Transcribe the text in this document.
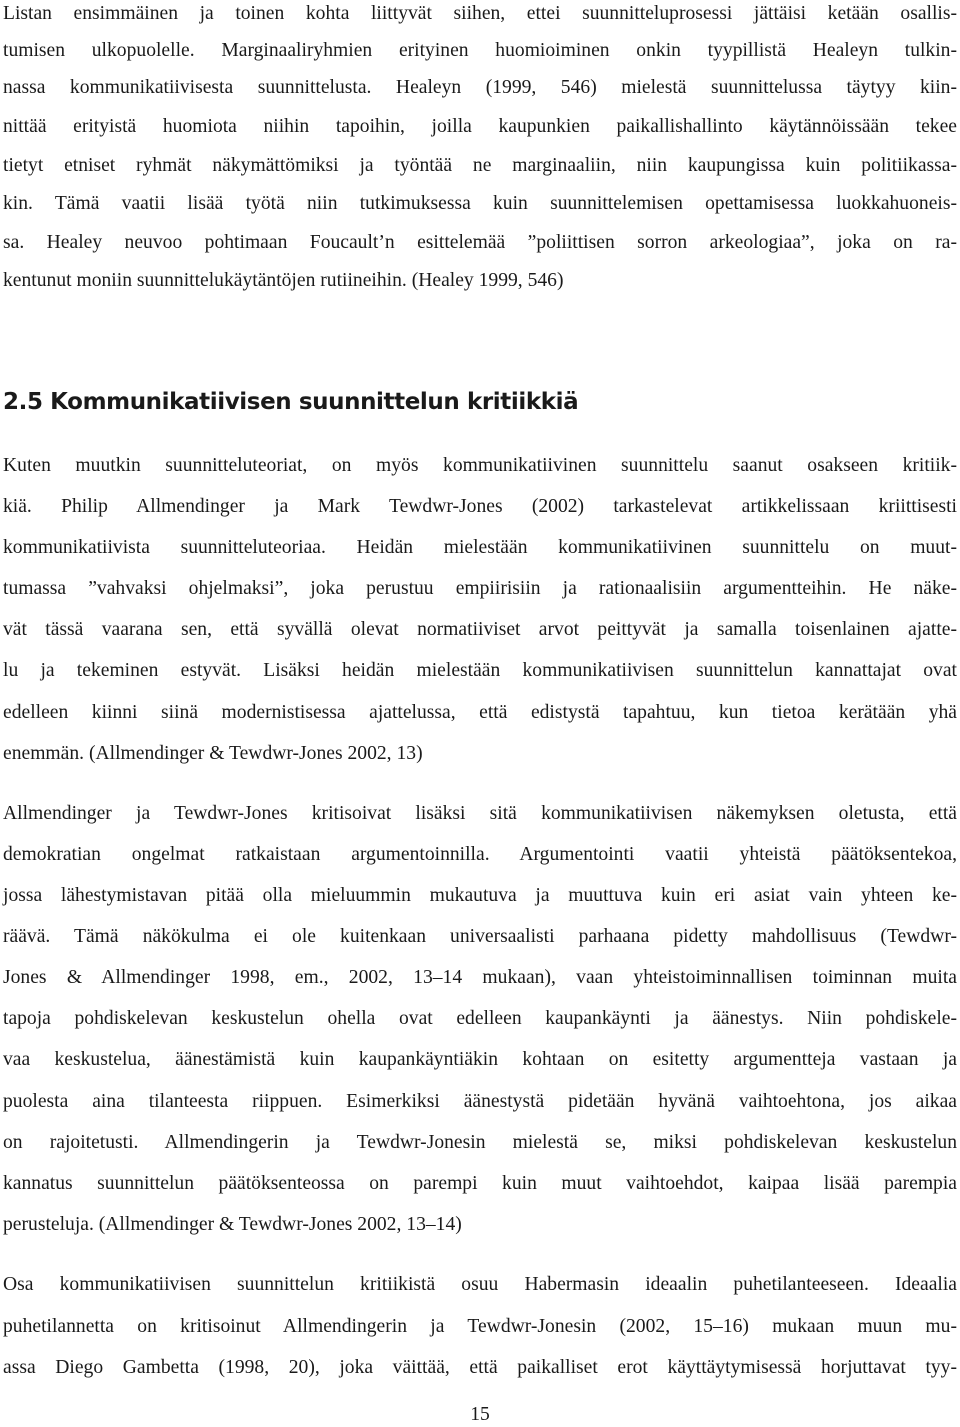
Listan ensimmäinen ja toinen kohta liittyvät siihen, ettei suunnitteluprosessi jättäisi ketään osallis-
tumisen ulkopuolelle. Marginaaliryhmien erityinen huomioiminen onkin tyypillistä Healeyn tulkin-
nassa kommunikatiivisesta suunnittelusta. Healeyn (1999, 546) mielestä suunnittelussa täytyy kiin-
nittää erityistä huomiota niihin tapoihin, joilla kaupunkien paikallishallinto käytännöissään tekee
tietyt etniset ryhmät näkymättömiksi ja työntää ne marginaaliin, niin kaupungissa kuin politiikassa-
kin. Tämä vaatii lisää työtä niin tutkimuksessa kuin suunnittelemisen opettamisessa luokkahuoneis-
sa. Healey neuvoo pohtimaan Foucault’n esittelemää ”poliittisen sorron arkeologiaa”, joka on ra-
kentunut moniin suunnittelukäytäntöjen rutiineihin. (Healey 1999, 546)
2.5 Kommunikatiivisen suunnittelun kritiikkiä
Kuten muutkin suunnitteluteoriat, on myös kommunikatiivinen suunnittelu saanut osakseen kritiik-
kiä. Philip Allmendinger ja Mark Tewdwr-Jones (2002) tarkastelevat artikkelissaan kriittisesti
kommunikatiivista suunnitteluteoriaa. Heidän mielestään kommunikatiivinen suunnittelu on muut-
tumassa ”vahvaksi ohjelmaksi”, joka perustuu empiirisiin ja rationaalisiin argumentteihin. He näke-
vät tässä vaarana sen, että syvällä olevat normatiiviset arvot peittyvät ja samalla toisenlainen ajatte-
lu ja tekeminen estyvät. Lisäksi heidän mielestään kommunikatiivisen suunnittelun kannattajat ovat
edelleen kiinni siinä modernistisessa ajattelussa, että edistystä tapahtuu, kun tietoa kerätään yhä
enemmän. (Allmendinger & Tewdwr-Jones 2002, 13)
Allmendinger ja Tewdwr-Jones kritisoivat lisäksi sitä kommunikatiivisen näkemyksen oletusta, että
demokratian ongelmat ratkaistaan argumentoinnilla. Argumentointi vaatii yhteistä päätöksentekoa,
jossa lähestymistavan pitää olla mieluummin mukautuva ja muuttuva kuin eri asiat vain yhteen ke-
räävä. Tämä näkökulma ei ole kuitenkaan universaalisti parhaana pidetty mahdollisuus (Tewdwr-
Jones & Allmendinger 1998, em., 2002, 13–14 mukaan), vaan yhteistoiminnallisen toiminnan muita
tapoja pohdiskelevan keskustelun ohella ovat edelleen kaupankäynti ja äänestys. Niin pohdiskele-
vaa keskustelua, äänestämistä kuin kaupankäyntiäkin kohtaan on esitetty argumentteja vastaan ja
puolesta aina tilanteesta riippuen. Esimerkiksi äänestystä pidetään hyvänä vaihtoehtona, jos aikaa
on rajoitetusti. Allmendingerin ja Tewdwr-Jonesin mielestä se, miksi pohdiskelevan keskustelun
kannatus suunnittelun päätöksenteossa on parempi kuin muut vaihtoehdot, kaipaa lisää parempia
perusteluja. (Allmendinger & Tewdwr-Jones 2002, 13–14)
Osa kommunikatiivisen suunnittelun kritiikistä osuu Habermasin ideaalin puhetilanteeseen. Ideaalia
puhetilannetta on kritisoinut Allmendingerin ja Tewdwr-Jonesin (2002, 15–16) mukaan muun mu-
assa Diego Gambetta (1998, 20), joka väittää, että paikalliset erot käyttäytymisessä horjuttavat tyy-
15
